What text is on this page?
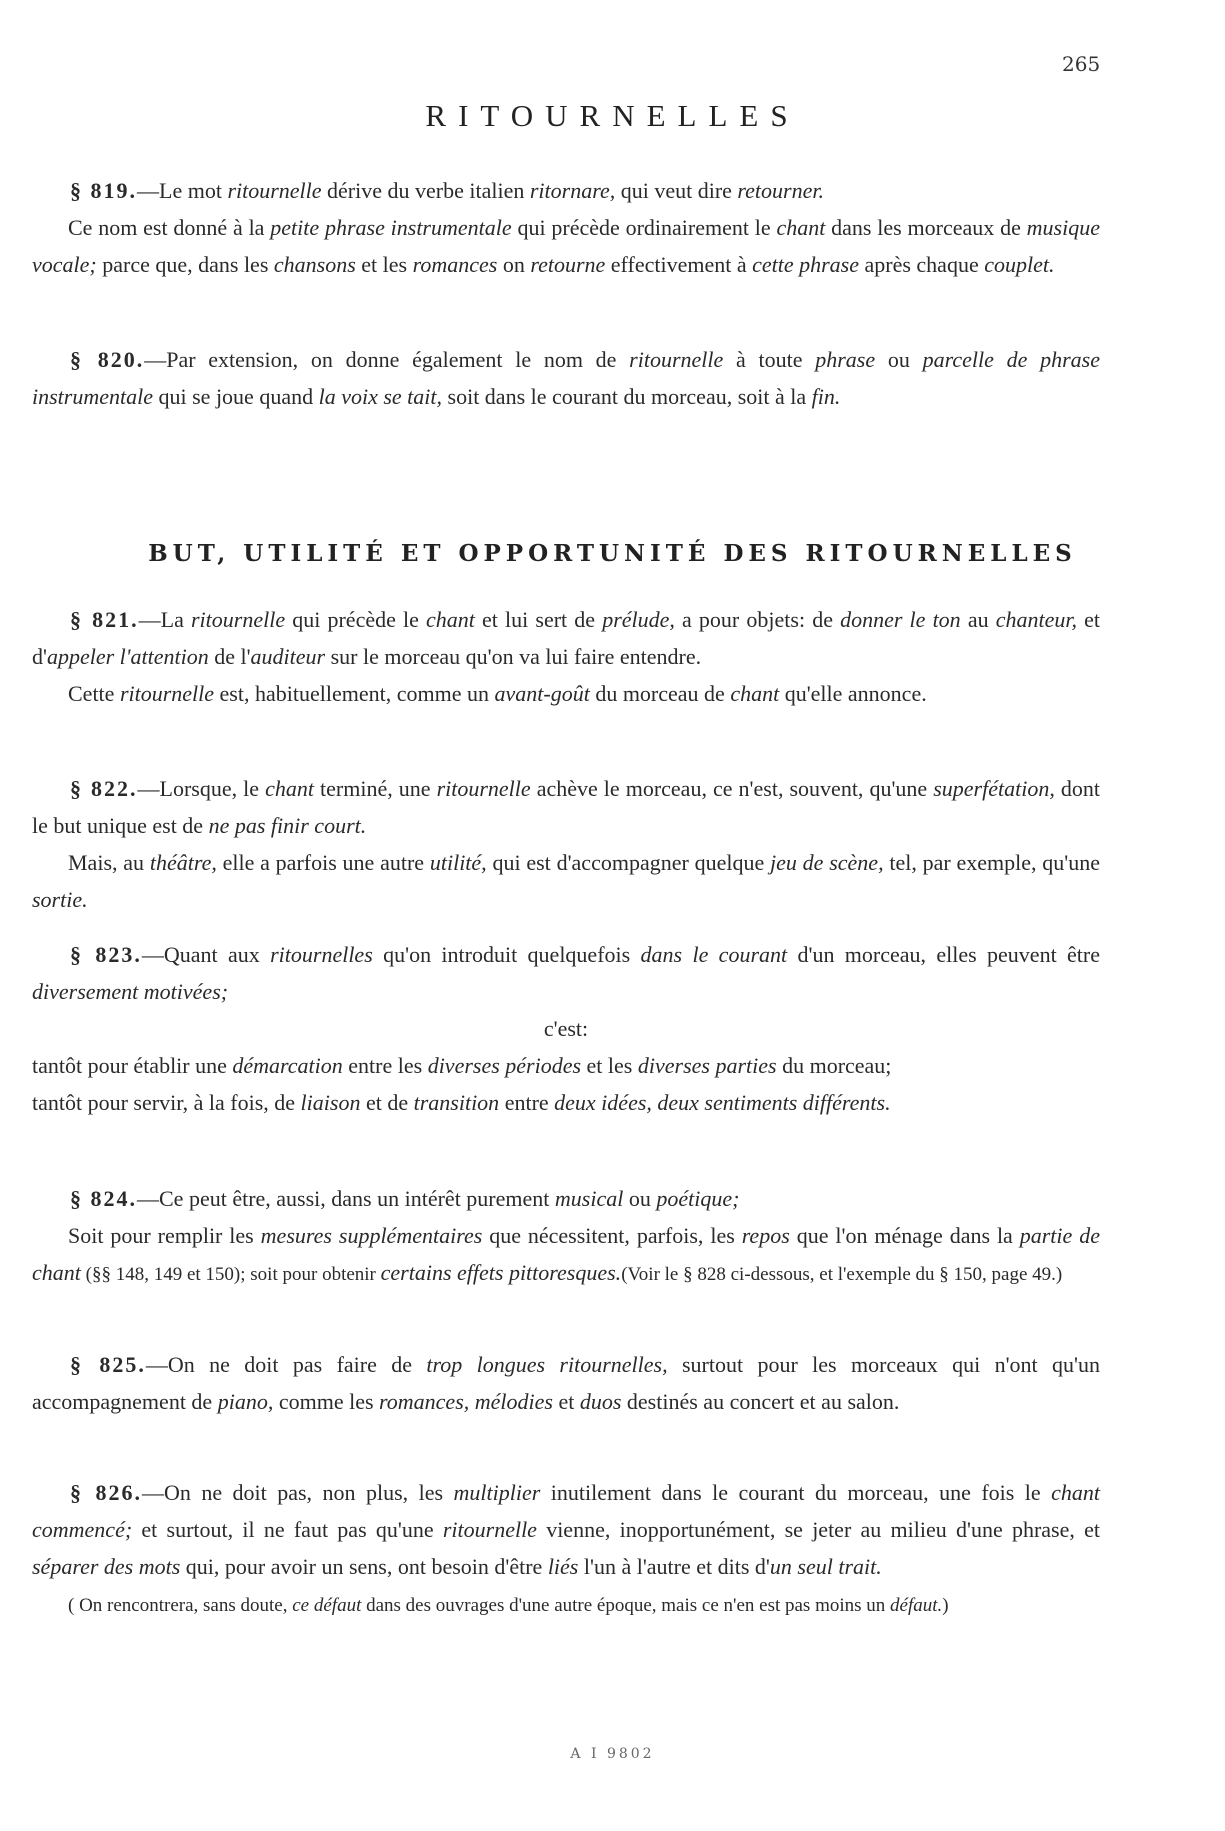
265
RITOURNELLES
§ 819.—Le mot ritournelle dérive du verbe italien ritornare, qui veut dire retourner.
Ce nom est donné à la petite phrase instrumentale qui précède ordinairement le chant dans les morceaux de musique vocale; parce que, dans les chansons et les romances on retourne effectivement à cette phrase après chaque couplet.
§ 820.—Par extension, on donne également le nom de ritournelle à toute phrase ou parcelle de phrase instrumentale qui se joue quand la voix se tait, soit dans le courant du morceau, soit à la fin.
BUT, UTILITÉ ET OPPORTUNITÉ DES RITOURNELLES
§ 821.—La ritournelle qui précède le chant et lui sert de prélude, a pour objets: de donner le ton au chanteur, et d'appeler l'attention de l'auditeur sur le morceau qu'on va lui faire entendre.
Cette ritournelle est, habituellement, comme un avant-goût du morceau de chant qu'elle annonce.
§ 822.—Lorsque, le chant terminé, une ritournelle achève le morceau, ce n'est, souvent, qu'une superfétation, dont le but unique est de ne pas finir court.
Mais, au théâtre, elle a parfois une autre utilité, qui est d'accompagner quelque jeu de scène, tel, par exemple, qu'une sortie.
§ 823.—Quant aux ritournelles qu'on introduit quelquefois dans le courant d'un morceau, elles peuvent être diversement motivées;
c'est:
tantôt pour établir une démarcation entre les diverses périodes et les diverses parties du morceau;
tantôt pour servir, à la fois, de liaison et de transition entre deux idées, deux sentiments différents.
§ 824.—Ce peut être, aussi, dans un intérêt purement musical ou poétique;
Soit pour remplir les mesures supplémentaires que nécessitent, parfois, les repos que l'on ménage dans la partie de chant (§§ 148, 149 et 150); soit pour obtenir certains effets pittoresques.(Voir le § 828 ci-dessous, et l'exemple du § 150, page 49.)
§ 825.—On ne doit pas faire de trop longues ritournelles, surtout pour les morceaux qui n'ont qu'un accompagnement de piano, comme les romances, mélodies et duos destinés au concert et au salon.
§ 826.—On ne doit pas, non plus, les multiplier inutilement dans le courant du morceau, une fois le chant commencé; et surtout, il ne faut pas qu'une ritournelle vienne, inopportunément, se jeter au milieu d'une phrase, et séparer des mots qui, pour avoir un sens, ont besoin d'être liés l'un à l'autre et dits d'un seul trait.
( On rencontrera, sans doute, ce défaut dans des ouvrages d'une autre époque, mais ce n'en est pas moins un défaut.)
A I 9802
